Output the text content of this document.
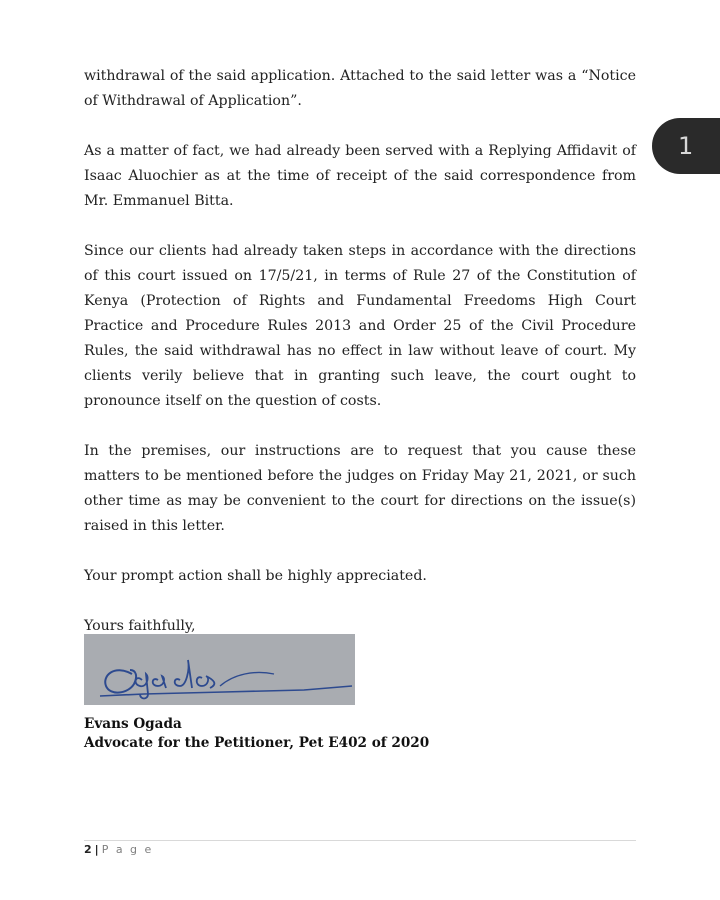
withdrawal of the said application. Attached to the said letter was a “Notice of Withdrawal of Application”.

As a matter of fact, we had already been served with a Replying Affidavit of Isaac Aluochier as at the time of receipt of the said correspondence from Mr. Emmanuel Bitta.

Since our clients had already taken steps in accordance with the directions of this court issued on 17/5/21, in terms of Rule 27 of the Constitution of Kenya (Protection of Rights and Fundamental Freedoms High Court Practice and Procedure Rules 2013 and Order 25 of the Civil Procedure Rules, the said withdrawal has no effect in law without leave of court. My clients verily believe that in granting such leave, the court ought to pronounce itself on the question of costs.

In the premises, our instructions are to request that you cause these matters to be mentioned before the judges on Friday May 21, 2021, or such other time as may be convenient to the court for directions on the issue(s) raised in this letter.

Your prompt action shall be highly appreciated.

Yours faithfully,

1
Evans Ogada
Advocate for the Petitioner, Pet E402 of 2020
2 | P a g e
